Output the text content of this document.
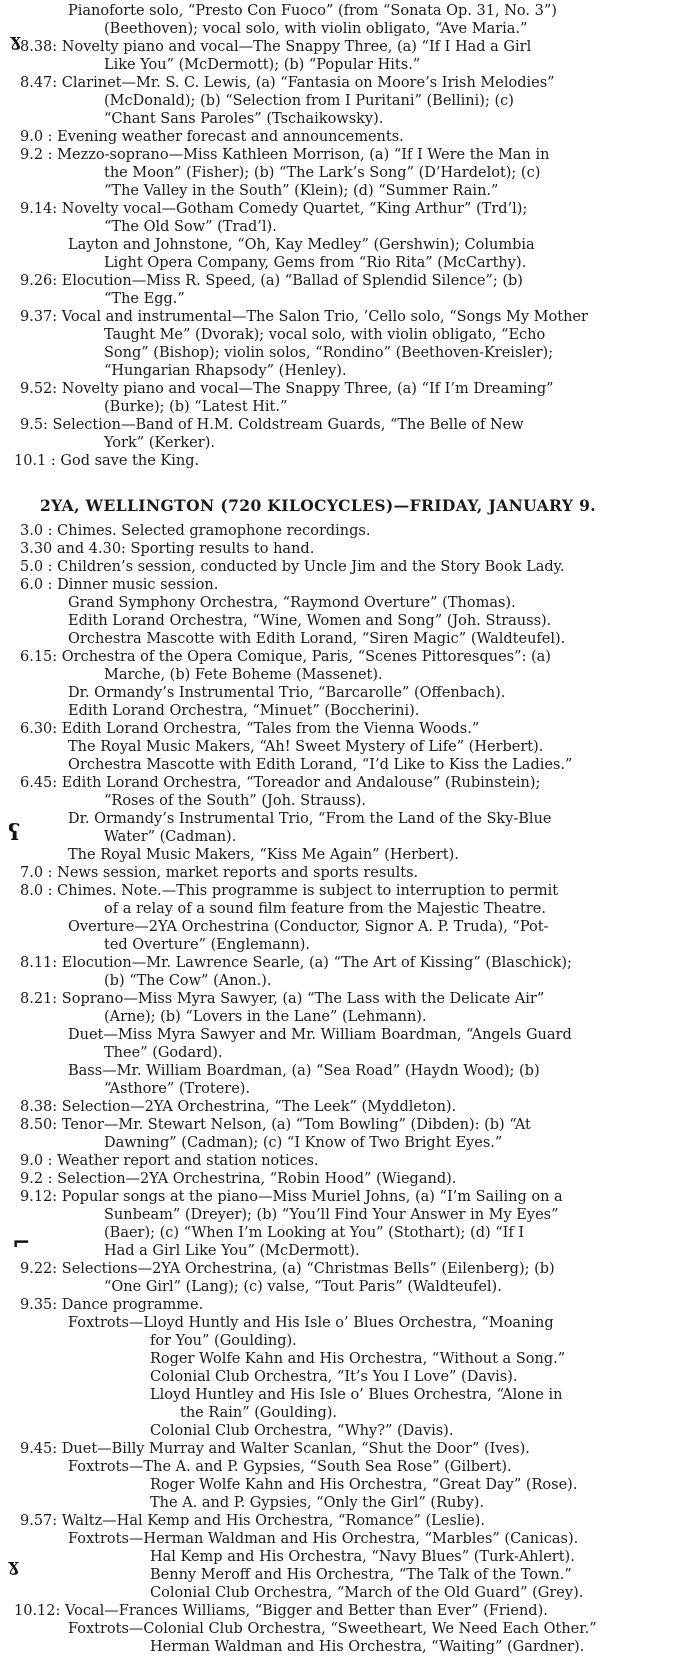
2YA, WELLINGTON (720 KILOCYCLES)—FRIDAY, JANUARY 9.
ɣ
ʕ
⌐
ɣ
Pianoforte solo, “Presto Con Fuoco” (from “Sonata Op. 31, No. 3”)
(Beethoven); vocal solo, with violin obligato, “Ave Maria.”
8.38: Novelty piano and vocal—The Snappy Three, (a) “If I Had a Girl
Like You” (McDermott); (b) “Popular Hits.”
8.47: Clarinet—Mr. S. C. Lewis, (a) “Fantasia on Moore’s Irish Melodies”
(McDonald); (b) “Selection from I Puritani” (Bellini); (c)
“Chant Sans Paroles” (Tschaikowsky).
9.0 : Evening weather forecast and announcements.
9.2 : Mezzo-soprano—Miss Kathleen Morrison, (a) “If I Were the Man in
the Moon” (Fisher); (b) “The Lark’s Song” (D’Hardelot); (c)
“The Valley in the South” (Klein); (d) “Summer Rain.”
9.14: Novelty vocal—Gotham Comedy Quartet, “King Arthur” (Trd’l);
“The Old Sow” (Trad’l).
Layton and Johnstone, “Oh, Kay Medley” (Gershwin); Columbia
Light Opera Company, Gems from “Rio Rita” (McCarthy).
9.26: Elocution—Miss R. Speed, (a) “Ballad of Splendid Silence”; (b)
“The Egg.”
9.37: Vocal and instrumental—The Salon Trio, ’Cello solo, “Songs My Mother
Taught Me” (Dvorak); vocal solo, with violin obligato, “Echo
Song” (Bishop); violin solos, “Rondino” (Beethoven-Kreisler);
“Hungarian Rhapsody” (Henley).
9.52: Novelty piano and vocal—The Snappy Three, (a) “If I’m Dreaming”
(Burke); (b) “Latest Hit.”
9.5: Selection—Band of H.M. Coldstream Guards, “The Belle of New
York” (Kerker).
10.1 : God save the King.
3.0 : Chimes. Selected gramophone recordings.
3.30 and 4.30: Sporting results to hand.
5.0 : Children’s session, conducted by Uncle Jim and the Story Book Lady.
6.0 : Dinner music session.
Grand Symphony Orchestra, “Raymond Overture” (Thomas).
Edith Lorand Orchestra, “Wine, Women and Song” (Joh. Strauss).
Orchestra Mascotte with Edith Lorand, “Siren Magic” (Waldteufel).
6.15: Orchestra of the Opera Comique, Paris, “Scenes Pittoresques”: (a)
Marche, (b) Fete Boheme (Massenet).
Dr. Ormandy’s Instrumental Trio, “Barcarolle” (Offenbach).
Edith Lorand Orchestra, “Minuet” (Boccherini).
6.30: Edith Lorand Orchestra, “Tales from the Vienna Woods.”
The Royal Music Makers, “Ah! Sweet Mystery of Life” (Herbert).
Orchestra Mascotte with Edith Lorand, “I’d Like to Kiss the Ladies.”
6.45: Edith Lorand Orchestra, “Toreador and Andalouse” (Rubinstein);
“Roses of the South” (Joh. Strauss).
Dr. Ormandy’s Instrumental Trio, “From the Land of the Sky-Blue
Water” (Cadman).
The Royal Music Makers, “Kiss Me Again” (Herbert).
7.0 : News session, market reports and sports results.
8.0 : Chimes. Note.—This programme is subject to interruption to permit
of a relay of a sound film feature from the Majestic Theatre.
Overture—2YA Orchestrina (Conductor, Signor A. P. Truda), “Pot-
ted Overture” (Englemann).
8.11: Elocution—Mr. Lawrence Searle, (a) “The Art of Kissing” (Blaschick);
(b) “The Cow” (Anon.).
8.21: Soprano—Miss Myra Sawyer, (a) “The Lass with the Delicate Air”
(Arne); (b) “Lovers in the Lane” (Lehmann).
Duet—Miss Myra Sawyer and Mr. William Boardman, “Angels Guard
Thee” (Godard).
Bass—Mr. William Boardman, (a) “Sea Road” (Haydn Wood); (b)
“Asthore” (Trotere).
8.38: Selection—2YA Orchestrina, “The Leek” (Myddleton).
8.50: Tenor—Mr. Stewart Nelson, (a) “Tom Bowling” (Dibden): (b) “At
Dawning” (Cadman); (c) “I Know of Two Bright Eyes.”
9.0 : Weather report and station notices.
9.2 : Selection—2YA Orchestrina, “Robin Hood” (Wiegand).
9.12: Popular songs at the piano—Miss Muriel Johns, (a) “I’m Sailing on a
Sunbeam” (Dreyer); (b) “You’ll Find Your Answer in My Eyes”
(Baer); (c) “When I’m Looking at You” (Stothart); (d) “If I
Had a Girl Like You” (McDermott).
9.22: Selections—2YA Orchestrina, (a) “Christmas Bells” (Eilenberg); (b)
“One Girl” (Lang); (c) valse, “Tout Paris” (Waldteufel).
9.35: Dance programme.
Foxtrots—Lloyd Huntly and His Isle o’ Blues Orchestra, “Moaning
for You” (Goulding).
Roger Wolfe Kahn and His Orchestra, “Without a Song.”
Colonial Club Orchestra, “It’s You I Love” (Davis).
Lloyd Huntley and His Isle o’ Blues Orchestra, “Alone in
the Rain” (Goulding).
Colonial Club Orchestra, “Why?” (Davis).
9.45: Duet—Billy Murray and Walter Scanlan, “Shut the Door” (Ives).
Foxtrots—The A. and P. Gypsies, “South Sea Rose” (Gilbert).
Roger Wolfe Kahn and His Orchestra, “Great Day” (Rose).
The A. and P. Gypsies, “Only the Girl” (Ruby).
9.57: Waltz—Hal Kemp and His Orchestra, “Romance” (Leslie).
Foxtrots—Herman Waldman and His Orchestra, “Marbles” (Canicas).
Hal Kemp and His Orchestra, “Navy Blues” (Turk-Ahlert).
Benny Meroff and His Orchestra, “The Talk of the Town.”
Colonial Club Orchestra, “March of the Old Guard” (Grey).
10.12: Vocal—Frances Williams, “Bigger and Better than Ever” (Friend).
Foxtrots—Colonial Club Orchestra, “Sweetheart, We Need Each Other.”
Herman Waldman and His Orchestra, “Waiting” (Gardner).
